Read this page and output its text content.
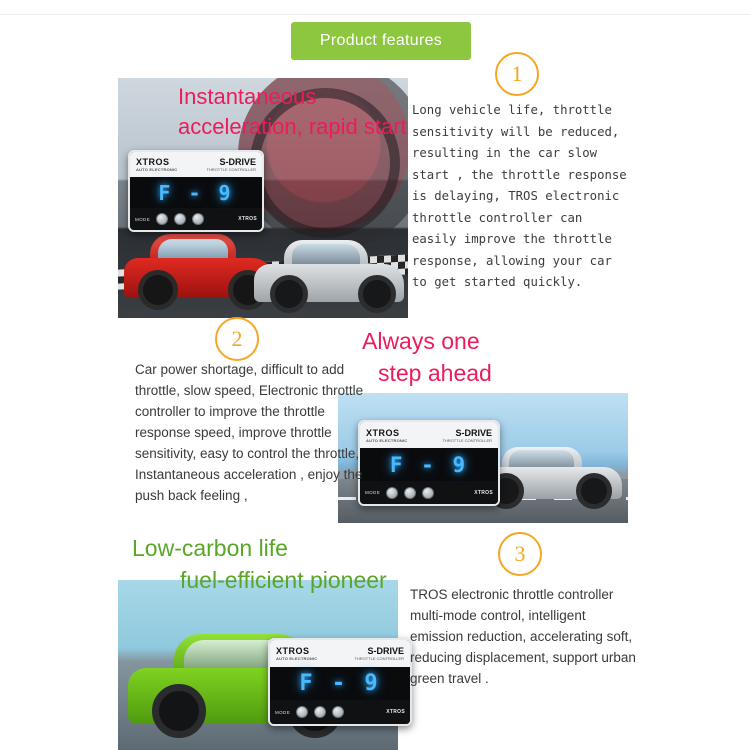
Product features
XTROS
AUTO ELECTRONIC
S-DRIVE
THROTTLE CONTROLLER
F - 9
MODE	XTROS
Instantaneous
acceleration, rapid start
1
Long vehicle life, throttle sensitivity will be reduced, resulting in the car slow start , the throttle response is delaying, TROS electronic throttle controller can easily improve the throttle response, allowing your car to get started quickly.
XTROS
AUTO ELECTRONIC
S-DRIVE
THROTTLE CONTROLLER
F - 9
MODE	XTROS
2	Always one
step ahead
Car power shortage, difficult to add throttle, slow speed, Electronic throttle controller to improve the throttle response speed, improve throttle sensitivity, easy to control the throttle, Instantaneous acceleration , enjoy the push back feeling ,
XTROS
AUTO ELECTRONIC
S-DRIVE
THROTTLE CONTROLLER
F - 9
MODE	XTROS
3
Low-carbon life
fuel-efficient pioneer
TROS electronic throttle controller multi-mode control, intelligent emission reduction, accelerating soft, reducing displacement, support urban green travel .
